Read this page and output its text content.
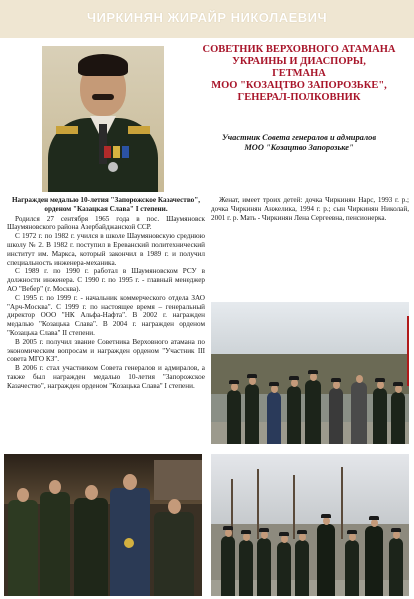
ЧИРКИНЯН ЖИРАЙР НИКОЛАЕВИЧ
СОВЕТНИК ВЕРХОВНОГО АТАМАНА
УКРАИНЫ И ДИАСПОРЫ,
ГЕТМАНА
МОО "КОЗАЦТВО ЗАПОРОЗЬКЕ",
ГЕНЕРАЛ-ПОЛКОВНИК
Участник Совета генералов и адмиралов
МОО "Козацтво Запорозьке"

Награжден медалью 10-летия "Запорожское Казачество", орденом "Казацкая Слава" I степени.

Родился 27 сентября 1965 года в пос. Шаумяновск Шаумяновского района Азербайджанской ССР.

С 1972 г. по 1982 г. учился в школе Шаумяновскую среднюю школу № 2. В 1982 г. поступил в Ереванский политехнический институт им. Маркса, который закончил в 1989 г. и получил специальность инженера-механика.

С 1989 г. по 1990 г. работал в Шаумяновском РСУ в должности инженера. С 1990 г. по 1995 г. - главный менеджер АО "Вебер" (г. Москва).

С 1995 г. по 1999 г. - начальник коммерческого отдела ЗАО "Арч-Москва". С 1999 г. по настоящее время – генеральный директор ООО "НК Альфа-Нафта". В 2002 г. награжден медалью "Козацька Слава". В 2004 г. награжден орденом "Козацька Слава" II степени.

В 2005 г. получил звание Советника Верховного атамана по экономическим вопросам и награжден орденом "Участник III совета МГО КЗ".

В 2006 г. стал участником Совета генералов и адмиралов, а также был награжден медалью 10-летия "Запорожское Казачество", награжден орденом "Козацька Слава" I степени.

Женат, имеет троих детей: дочка Чиркинян Нарс, 1993 г. р.; дочка Чиркинян Анжелика, 1994 г. р.; сын Чиркинян Николай, 2001 г. р. Мать - Чиркинян Лена Сергеевна, пенсионерка.
